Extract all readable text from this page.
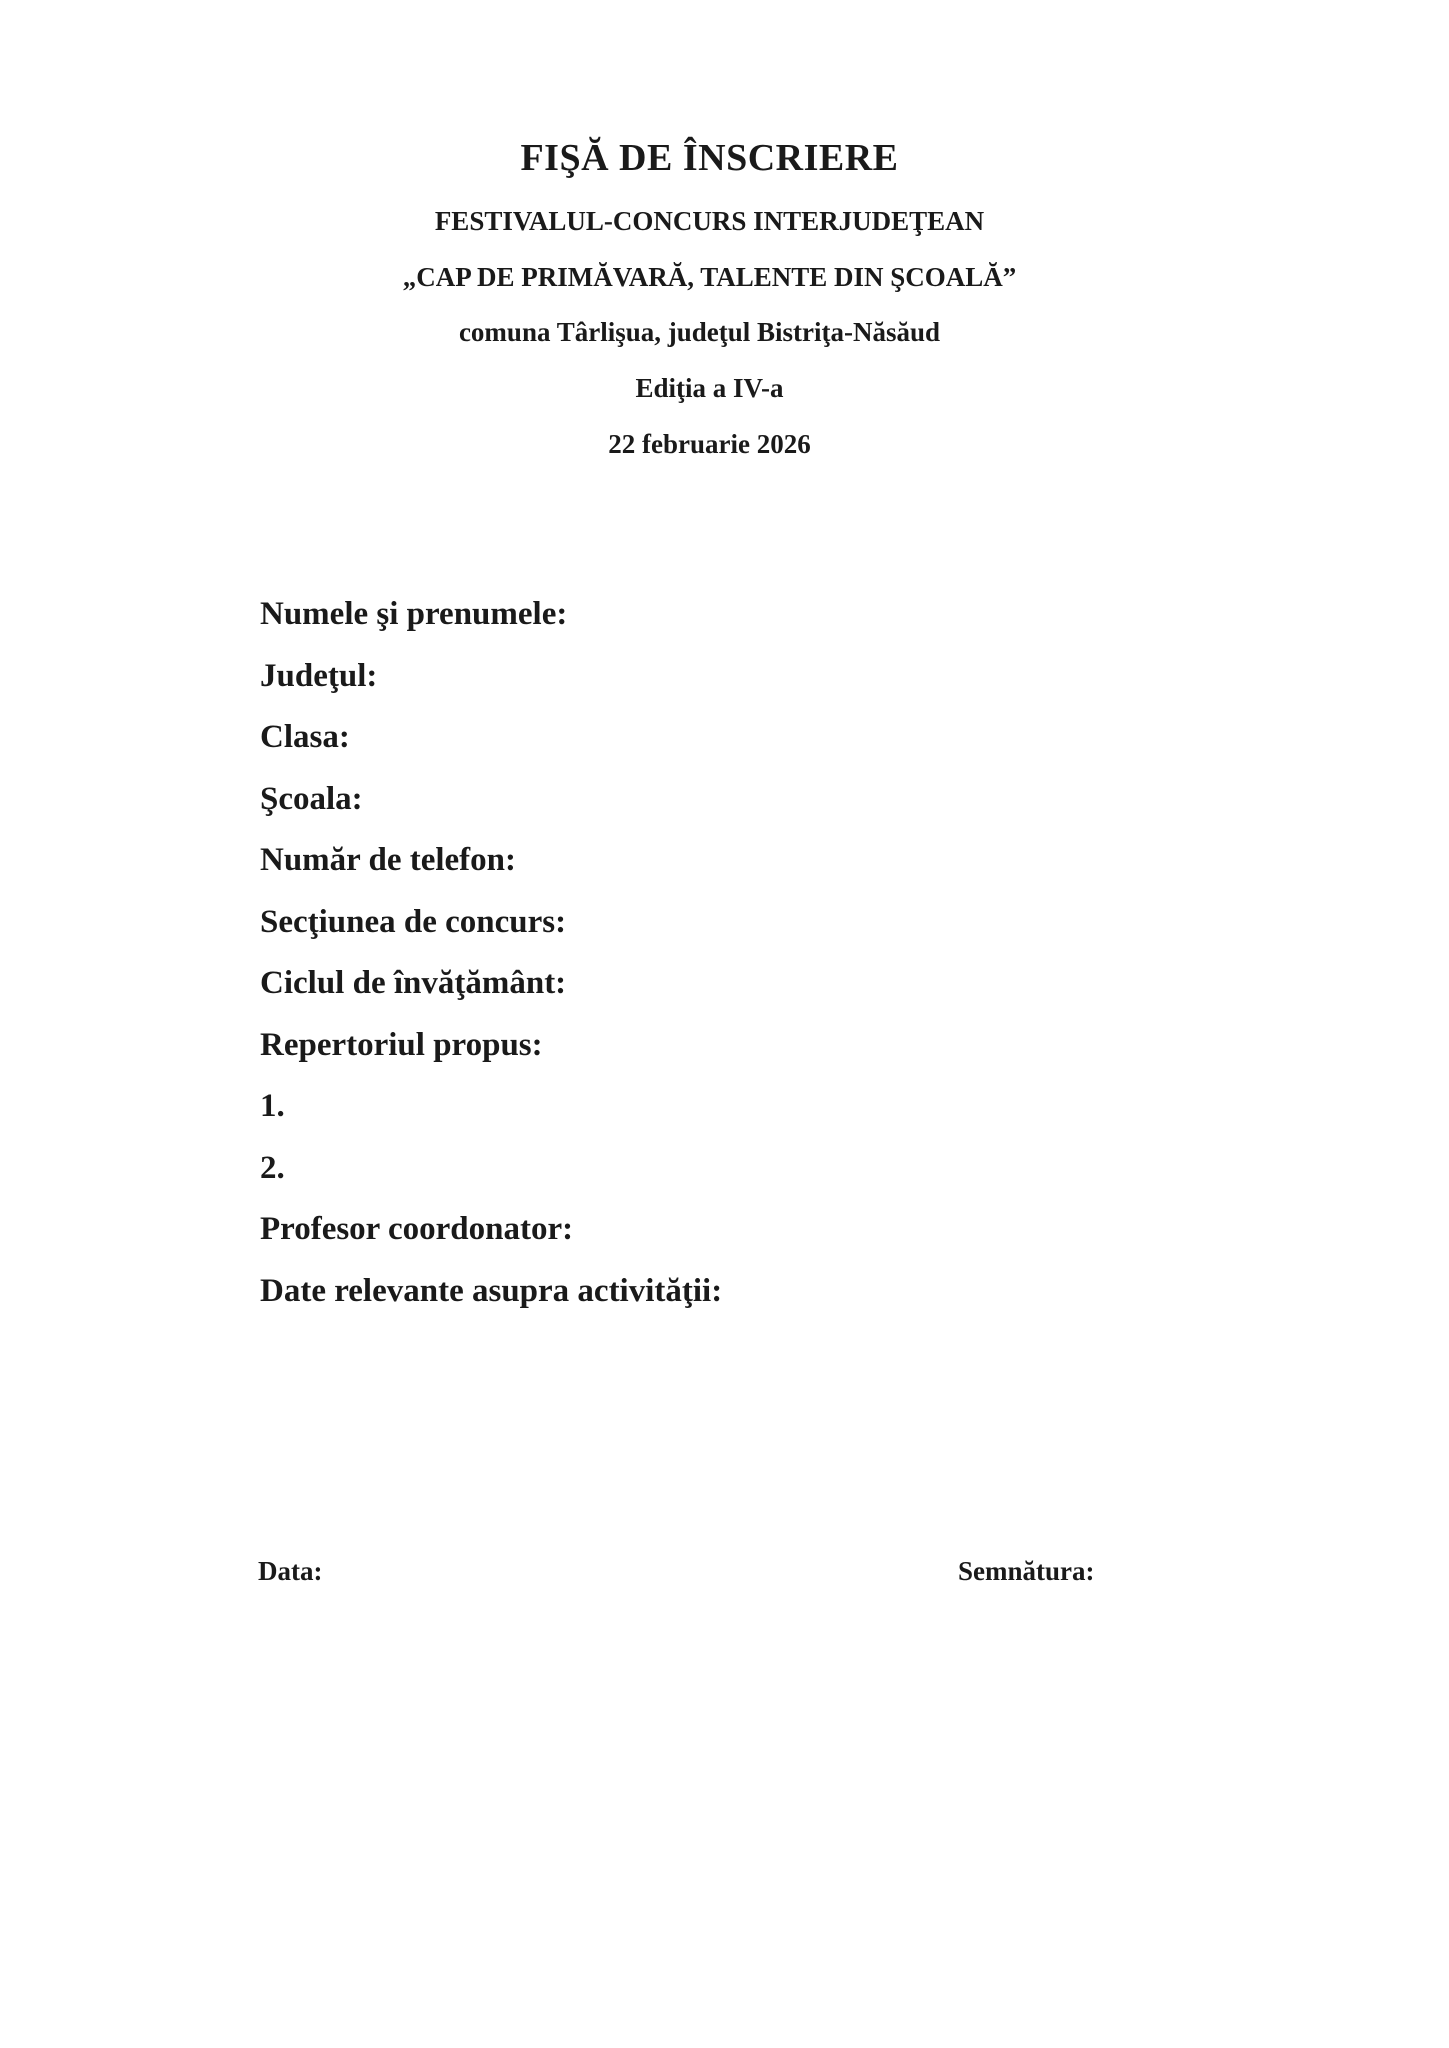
FIŞĂ DE ÎNSCRIERE
FESTIVALUL-CONCURS INTERJUDEŢEAN
„CAP DE PRIMĂVARĂ, TALENTE DIN ŞCOALĂ”
comuna Târlişua, judeţul Bistriţa-Năsăud
Ediţia a IV-a
22 februarie 2026
Numele şi prenumele:
Judeţul:
Clasa:
Şcoala:
Număr de telefon:
Secţiunea de concurs:
Ciclul de învăţământ:
Repertoriul propus:
1.
2.
Profesor coordonator:
Date relevante asupra activităţii:
Data:	Semnătura:
